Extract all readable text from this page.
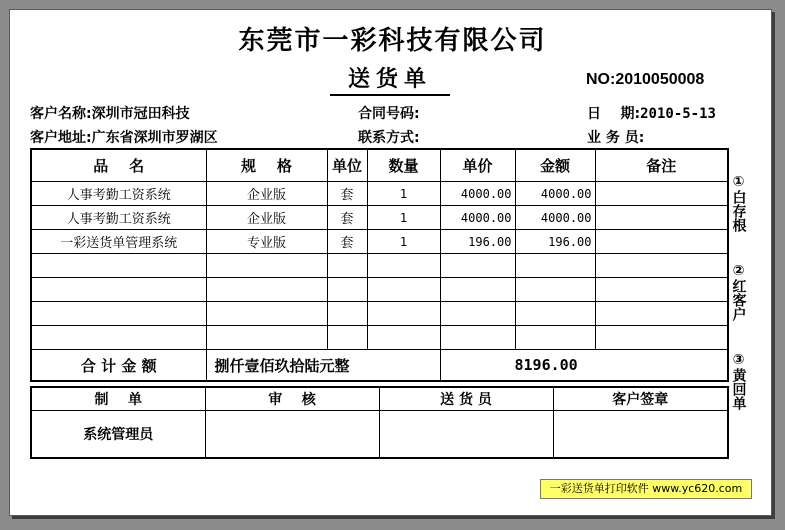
东莞市一彩科技有限公司
送货单	NO:2010050008
客户名称:深圳市冠田科技	合同号码:	日    期:2010-5-13
客户地址:广东省深圳市罗湖区	联系方式:	业 务 员:
品    名	规    格	单位	数量	单价	金额	备注
人事考勤工资系统	企业版	套	1	4000.00	4000.00	
人事考勤工资系统	企业版	套	1	4000.00	4000.00	
一彩送货单管理系统	专业版	套	1	196.00	196.00	

合 计 金 额	捌仟壹佰玖拾陆元整			8196.00		
制    单	审    核	送 货 员	客户签章
系统管理员			
①白存根
②红客户
③黄回单
一彩送货单打印软件 www.yc620.com
